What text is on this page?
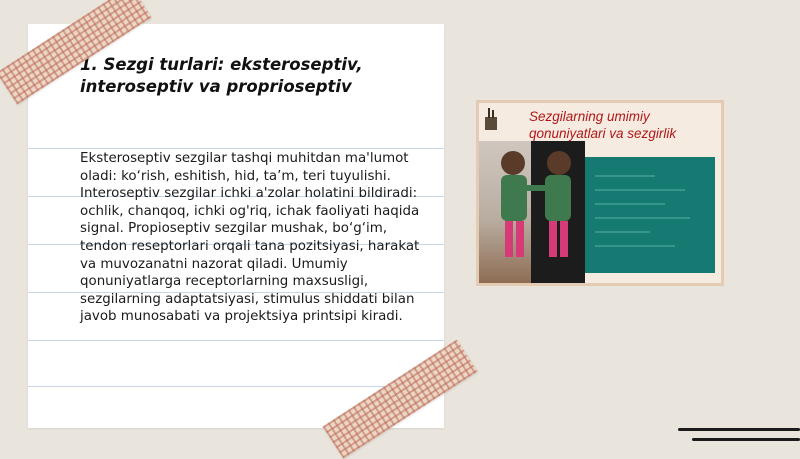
1. Sezgi turlari: eksteroseptiv, interoseptiv va proprioseptiv

Eksteroseptiv sezgilar tashqi muhitdan ma'lumot oladi: ko‘rish, eshitish, hid, ta’m, teri tuyulishi. Interoseptiv sezgilar ichki a'zolar holatini bildiradi: ochlik, chanqoq, ichki og'riq, ichak faoliyati haqida signal. Propioseptiv sezgilar mushak, bo‘g‘im, tendon reseptorlari orqali tana pozitsiyasi, harakat va muvozanatni nazorat qiladi. Umumiy qonuniyatlarga receptorlarning maxsusligi, sezgilarning adaptatsiyasi, stimulus shiddati bilan javob munosabati va projektsiya printsipi kiradi.

Sezgilarning umimiy qonuniyatlari va sezgirlik
